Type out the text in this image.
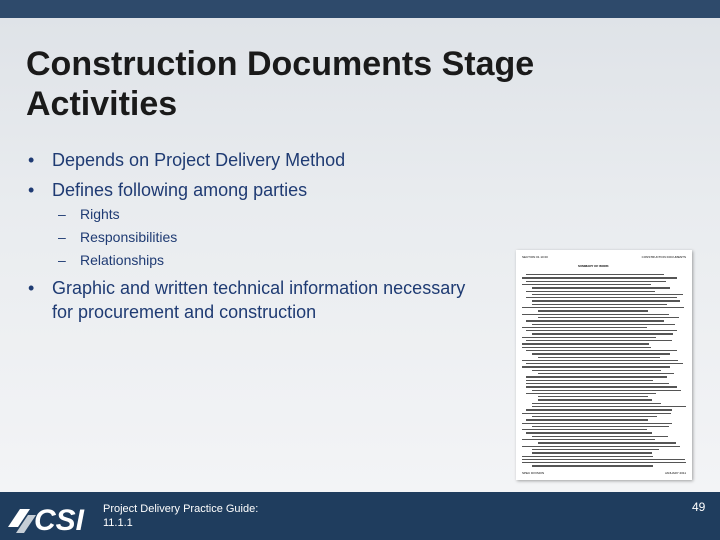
Construction Documents Stage Activities
• Depends on Project Delivery Method
• Defines following among parties
– Rights
– Responsibilities
– Relationships
• Graphic and written technical information necessary
for procurement and construction
SECTION 01 10 00	CONSTRUCTION DOCUMENTS
SUMMARY OF WORK
SPEC DIVISION	JANUARY 2011
CSI Project Delivery Practice Guide:
11.1.1
49
